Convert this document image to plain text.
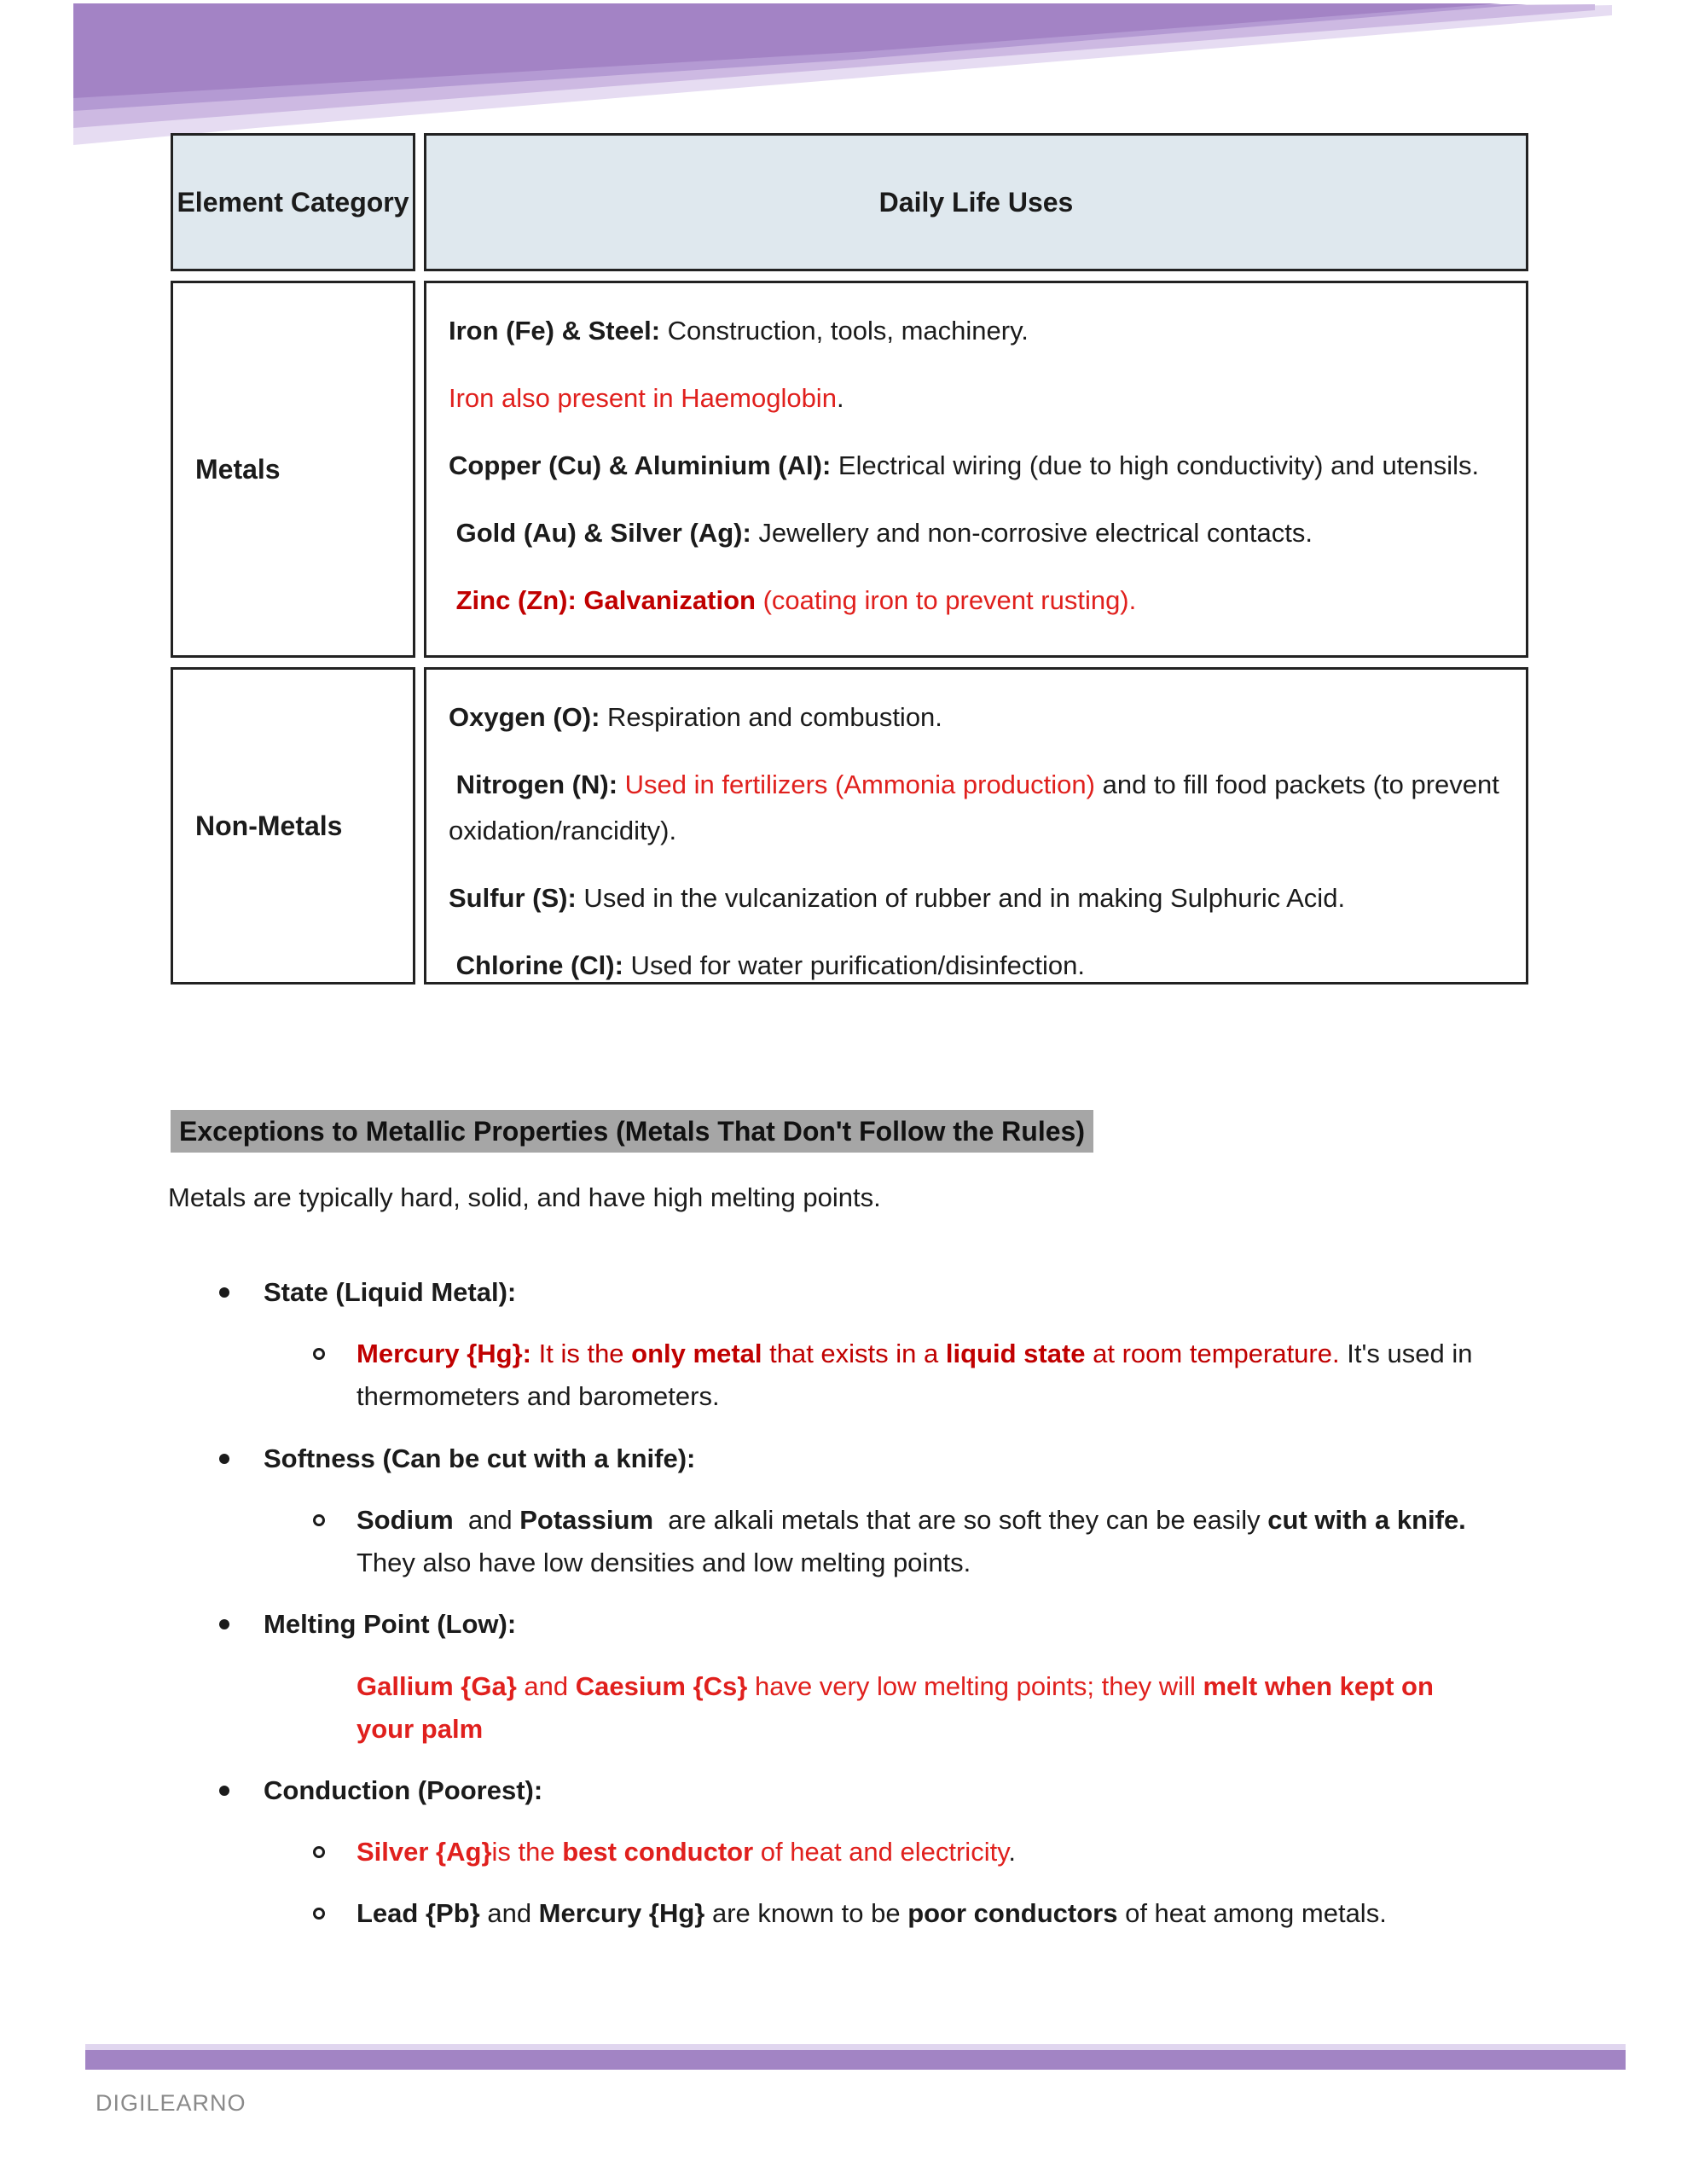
Element Category	Daily Life Uses
Metals

Iron (Fe) & Steel: Construction, tools, machinery.

Iron also present in Haemoglobin.

Copper (Cu) & Aluminium (Al): Electrical wiring (due to high conductivity) and utensils.

Gold (Au) & Silver (Ag): Jewellery and non-corrosive electrical contacts.

Zinc (Zn): Galvanization (coating iron to prevent rusting).

Non-Metals

Oxygen (O): Respiration and combustion.

Nitrogen (N): Used in fertilizers (Ammonia production) and to fill food packets (to prevent oxidation/rancidity).

Sulfur (S): Used in the vulcanization of rubber and in making Sulphuric Acid.

Chlorine (Cl): Used for water purification/disinfection.

Exceptions to Metallic Properties (Metals That Don't Follow the Rules)

Metals are typically hard, solid, and have high melting points.

State (Liquid Metal):
Mercury {Hg}: It is the only metal that exists in a liquid state at room temperature. It's used in thermometers and barometers.
Softness (Can be cut with a knife):
Sodium  and Potassium  are alkali metals that are so soft they can be easily cut with a knife. They also have low densities and low melting points.
Melting Point (Low):
Gallium {Ga} and Caesium {Cs} have very low melting points; they will melt when kept on your palm
Conduction (Poorest):
Silver {Ag}is the best conductor of heat and electricity.
Lead {Pb} and Mercury {Hg} are known to be poor conductors of heat among metals.
DIGILEARNO
